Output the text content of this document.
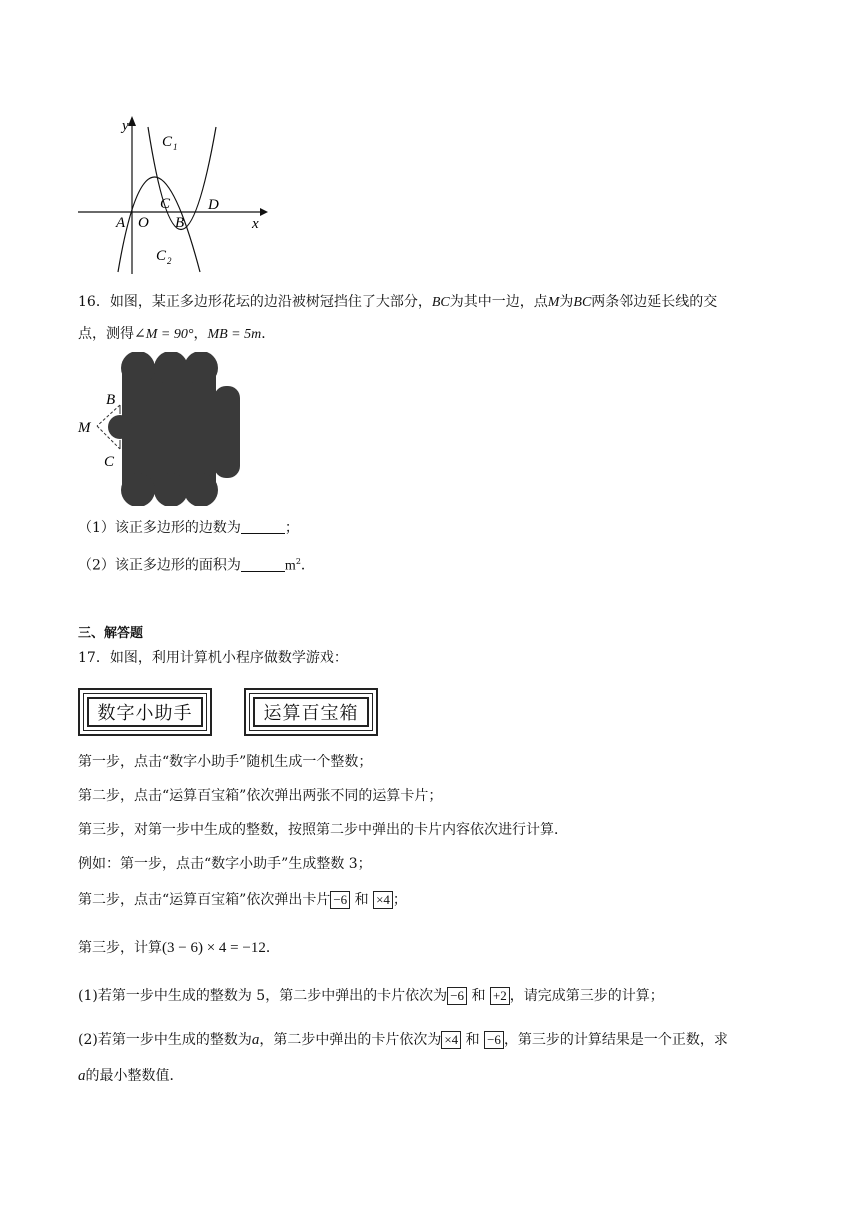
y
x
C 1
C 2
A O
C
B
D
16．如图，某正多边形花坛的边沿被树冠挡住了大部分，BC为其中一边，点M为BC两条邻边延长线的交
点，测得∠M = 90°，MB = 5m．
B
M
C
（1）该正多边形的边数为	；
（2）该正多边形的面积为	$m^2$．
三、解答题
17．如图，利用计算机小程序做数学游戏：
数字小助手	运算百宝箱
第一步，点击“数字小助手”随机生成一个整数；
第二步，点击“运算百宝箱”依次弹出两张不同的运算卡片；
第三步，对第一步中生成的整数，按照第二步中弹出的卡片内容依次进行计算．
例如：第一步，点击“数字小助手”生成整数 3；
第二步，点击“运算百宝箱”依次弹出卡片 −6 和 ×4 ；
第三步，计算(3 − 6) × 4 = −12．
(1)若第一步中生成的整数为 5，第二步中弹出的卡片依次为 −6 和 +2 ，请完成第三步的计算；
(2)若第一步中生成的整数为a，第二步中弹出的卡片依次为 ×4 和 −6 ，第三步的计算结果是一个正数，求
a的最小整数值．
